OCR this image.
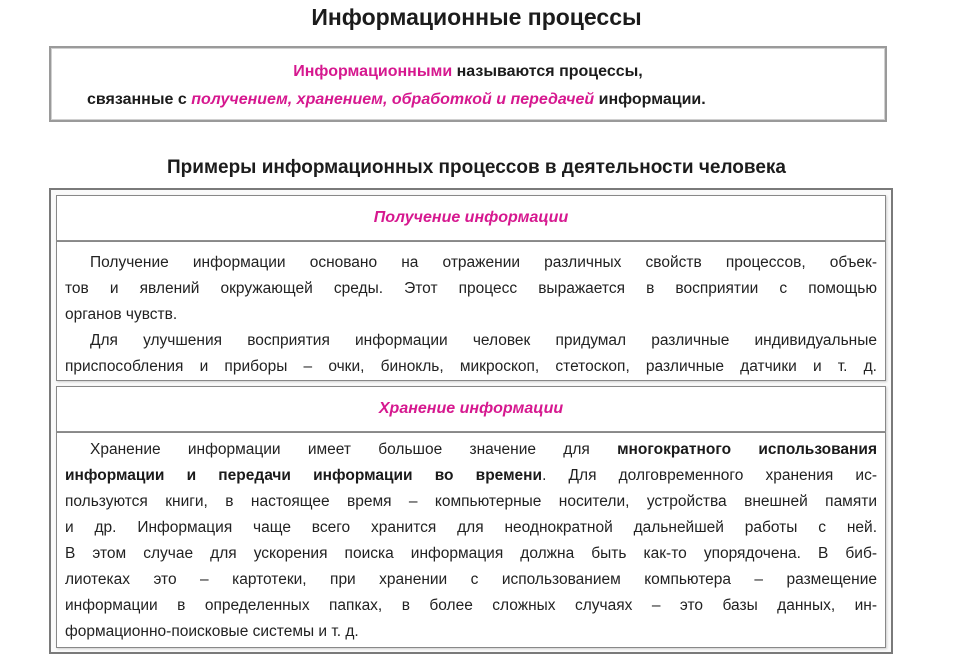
Информационные процессы
Информационными называются процессы,
связанные с получением, хранением, обработкой и передачей информации.
Примеры информационных процессов в деятельности человека
Получение информации
Получение информации основано на отражении различных свойств процессов, объек-
тов и явлений окружающей среды. Этот процесс выражается в восприятии с помощью
органов чувств.
Для улучшения восприятия информации человек придумал различные индивидуальные
приспособления и приборы – очки, бинокль, микроскоп, стетоскоп, различные датчики и т. д.
Хранение информации
Хранение информации имеет большое значение для многократного использования
информации и передачи информации во времени. Для долговременного хранения ис-
пользуются книги, в настоящее время – компьютерные носители, устройства внешней памяти
и др. Информация чаще всего хранится для неоднократной дальнейшей работы с ней.
В этом случае для ускорения поиска информация должна быть как-то упорядочена. В биб-
лиотеках это – картотеки, при хранении с использованием компьютера – размещение
информации в определенных папках, в более сложных случаях – это базы данных, ин-
формационно-поисковые системы и т. д.
